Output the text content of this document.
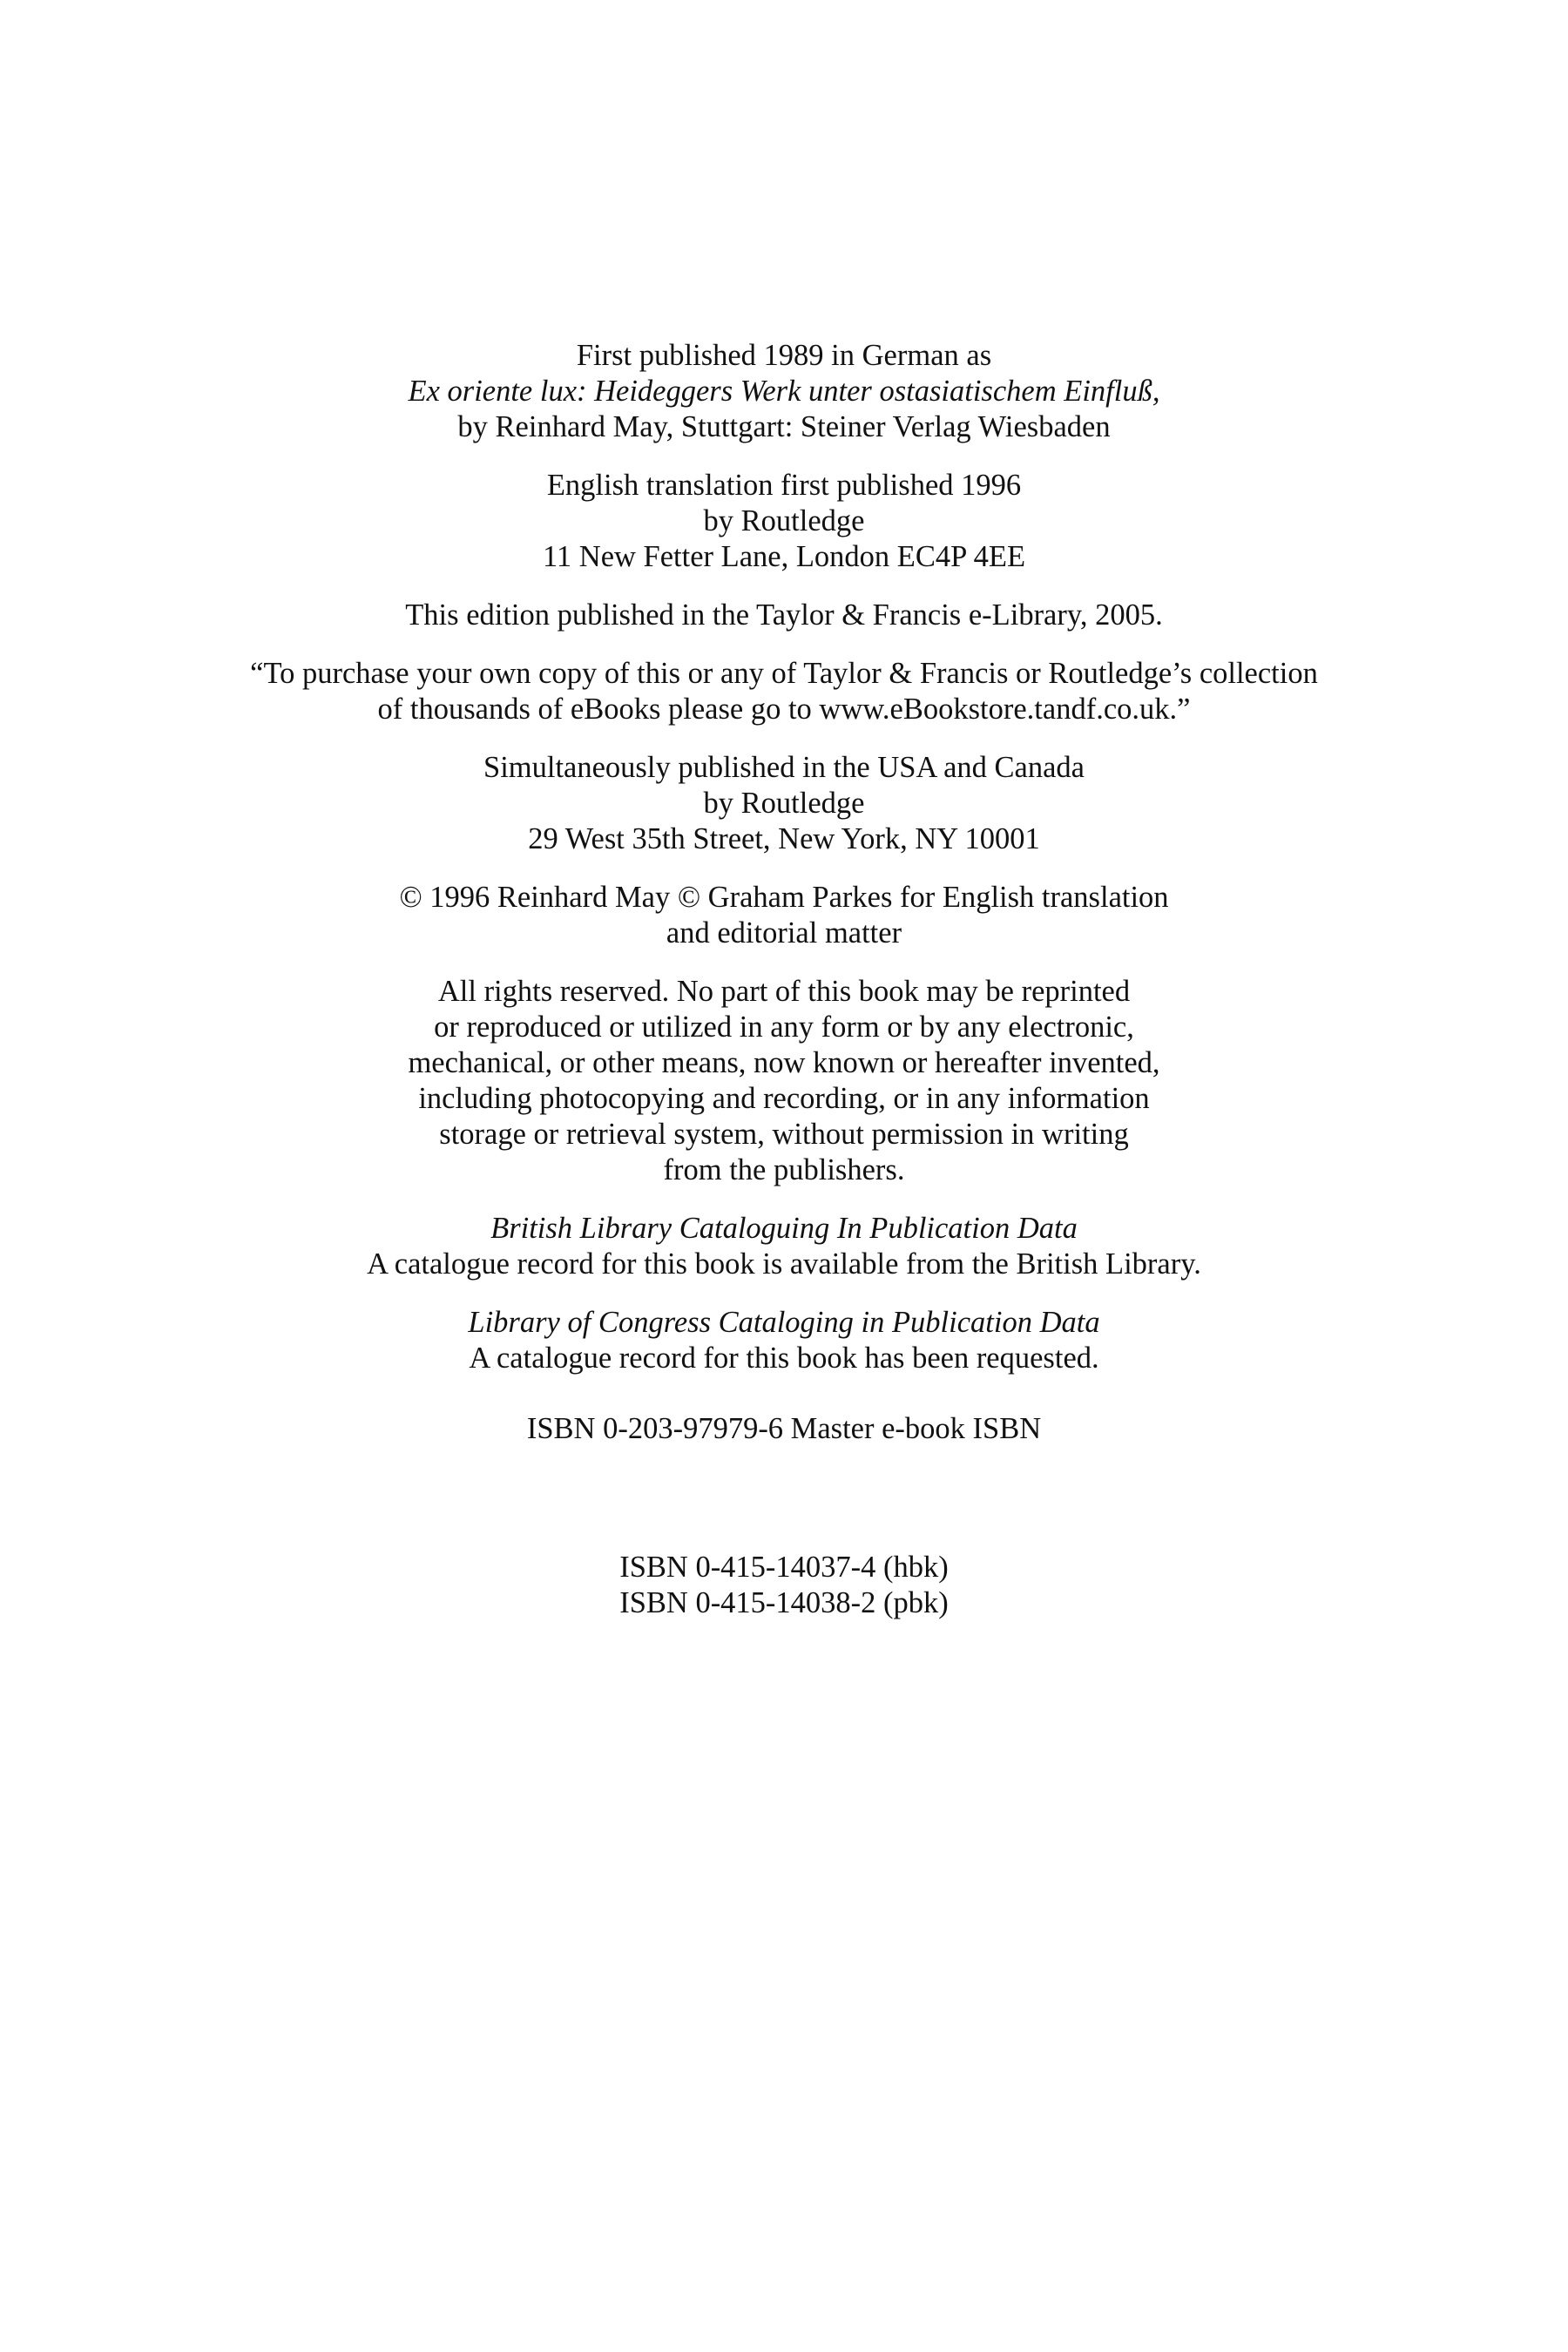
First published 1989 in German as

Ex oriente lux: Heideggers Werk unter ostasiatischem Einfluß,

by Reinhard May, Stuttgart: Steiner Verlag Wiesbaden

English translation first published 1996

by Routledge

11 New Fetter Lane, London EC4P 4EE

This edition published in the Taylor & Francis e-Library, 2005.

“To purchase your own copy of this or any of Taylor & Francis or Routledge’s collection

of thousands of eBooks please go to www.eBookstore.tandf.co.uk.”

Simultaneously published in the USA and Canada

by Routledge

29 West 35th Street, New York, NY 10001

© 1996 Reinhard May © Graham Parkes for English translation

and editorial matter

All rights reserved. No part of this book may be reprinted

or reproduced or utilized in any form or by any electronic,

mechanical, or other means, now known or hereafter invented,

including photocopying and recording, or in any information

storage or retrieval system, without permission in writing

from the publishers.

British Library Cataloguing In Publication Data

A catalogue record for this book is available from the British Library.

Library of Congress Cataloging in Publication Data

A catalogue record for this book has been requested.

ISBN 0-203-97979-6 Master e-book ISBN

ISBN 0-415-14037-4 (hbk)

ISBN 0-415-14038-2 (pbk)
